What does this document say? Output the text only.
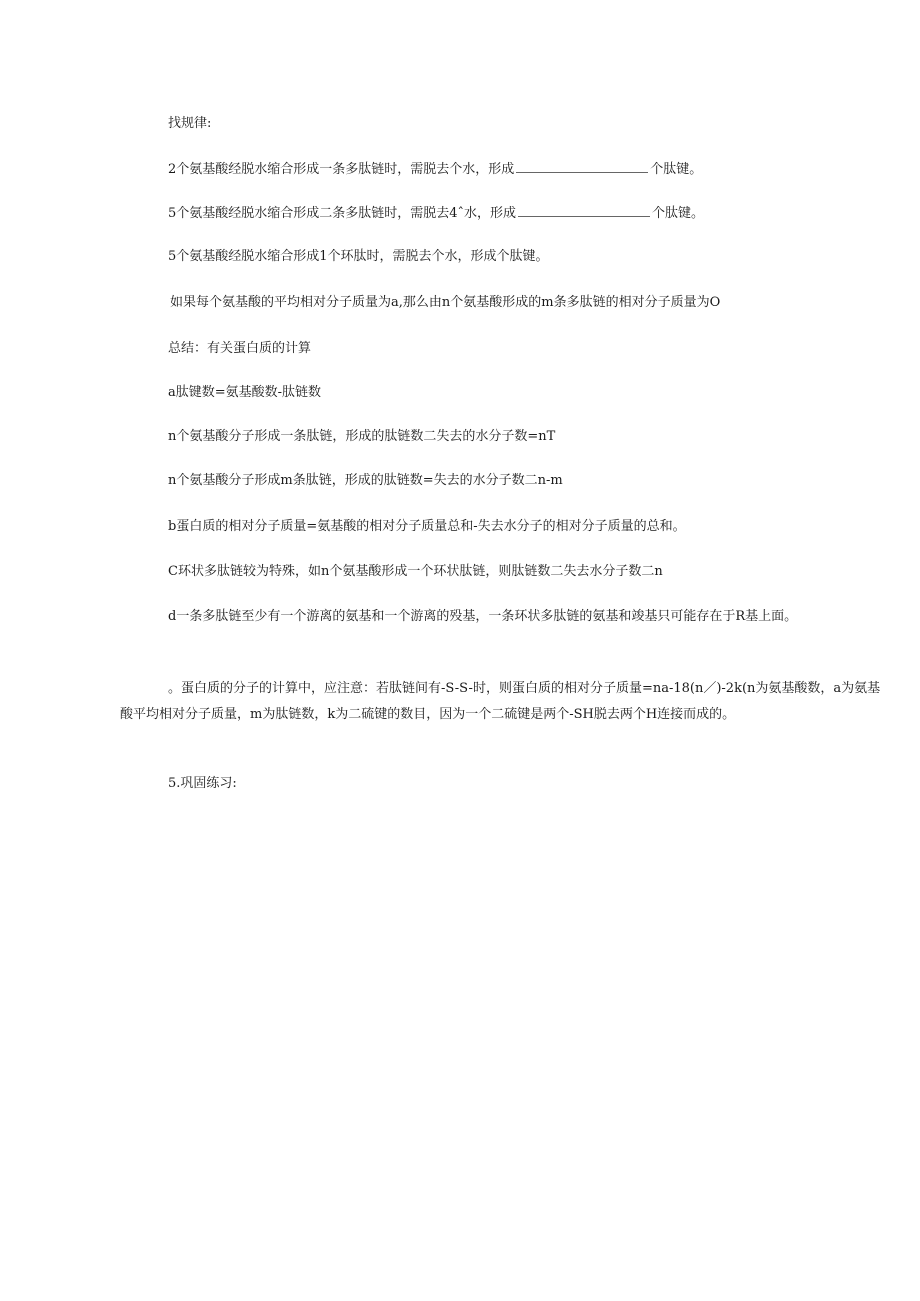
找规律:
2个氨基酸经脱水缩合形成一条多肽链时，需脱去个水，形成	个肽键。
5个氨基酸经脱水缩合形成二条多肽链时，需脱去4ˆ水，形成	个肽键。
5个氨基酸经脱水缩合形成1个环肽时，需脱去个水，形成个肽键。
如果每个氨基酸的平均相对分子质量为a,那么由n个氨基酸形成的m条多肽链的相对分子质量为O
总结：有关蛋白质的计算
a肽键数=氨基酸数-肽链数
n个氨基酸分子形成一条肽链，形成的肽链数二失去的水分子数=nT
n个氨基酸分子形成m条肽链，形成的肽链数=失去的水分子数二n-m
b蛋白质的相对分子质量=氨基酸的相对分子质量总和-失去水分子的相对分子质量的总和。
C环状多肽链较为特殊，如n个氨基酸形成一个环状肽链，则肽链数二失去水分子数二n
d一条多肽链至少有一个游离的氨基和一个游离的殁基，一条环状多肽链的氨基和竣基只可能存在于R基上面。
。蛋白质的分子的计算中，应注意：若肽链间有-S-S-时，则蛋白质的相对分子质量=na-18(n／)-2k(n为氨基酸数，a为氨基酸平均相对分子质量，m为肽链数，k为二硫键的数目，因为一个二硫键是两个-SH脱去两个H连接而成的。
5.巩固练习:
